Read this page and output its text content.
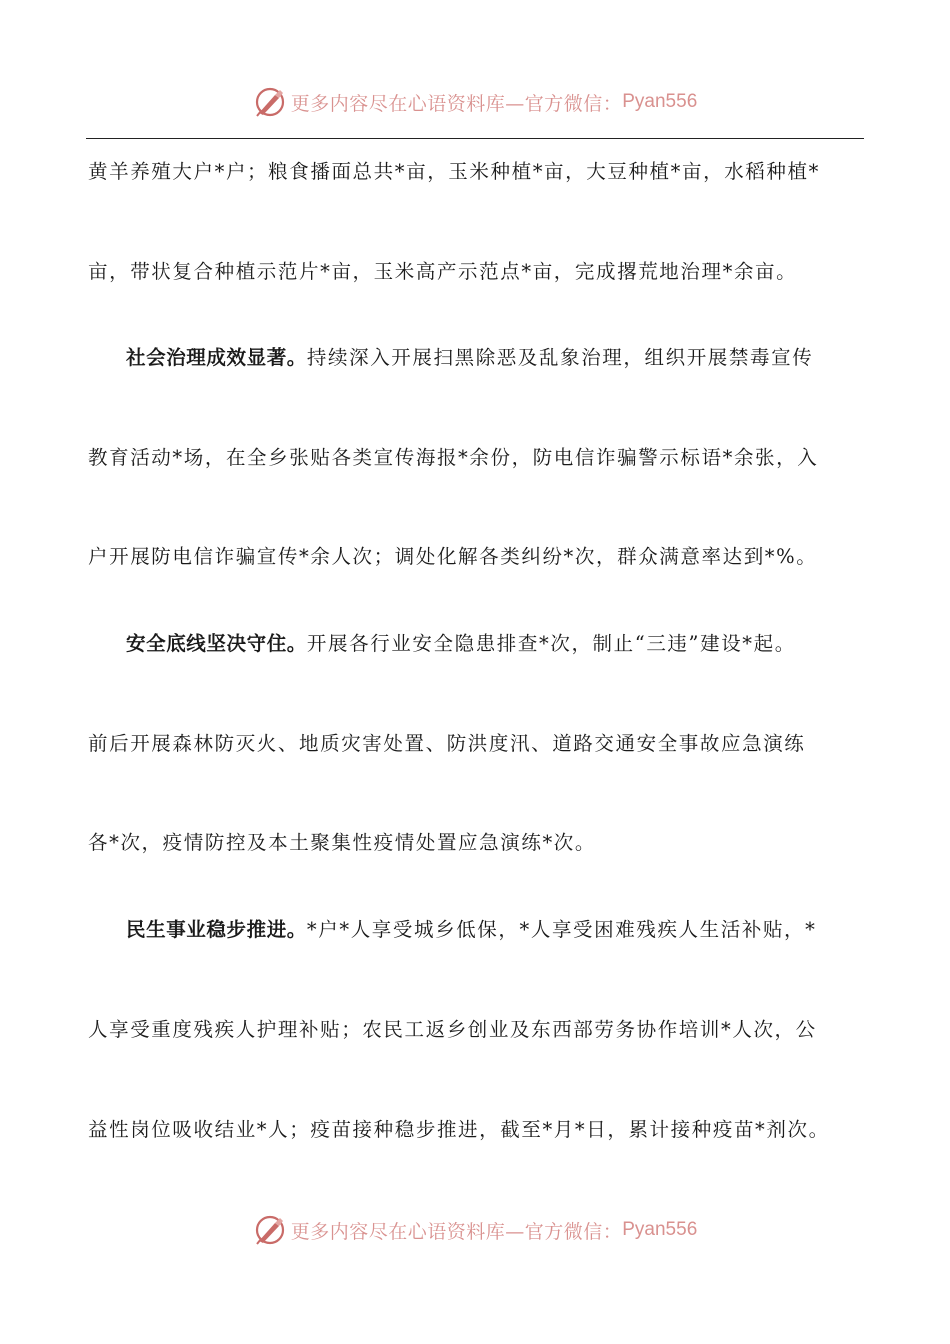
更多内容尽在心语资料库—官方微信： Pyan556
黄羊养殖大户*户；粮食播面总共*亩，玉米种植*亩，大豆种植*亩，水稻种植*
亩，带状复合种植示范片*亩，玉米高产示范点*亩，完成撂荒地治理*余亩。
社会治理成效显著。持续深入开展扫黑除恶及乱象治理，组织开展禁毒宣传
教育活动*场，在全乡张贴各类宣传海报*余份，防电信诈骗警示标语*余张，入
户开展防电信诈骗宣传*余人次；调处化解各类纠纷*次，群众满意率达到*%。
安全底线坚决守住。开展各行业安全隐患排查*次，制止“三违”建设*起。
前后开展森林防灭火、地质灾害处置、防洪度汛、道路交通安全事故应急演练
各*次，疫情防控及本土聚集性疫情处置应急演练*次。
民生事业稳步推进。*户*人享受城乡低保，*人享受困难残疾人生活补贴，*
人享受重度残疾人护理补贴；农民工返乡创业及东西部劳务协作培训*人次，公
益性岗位吸收结业*人；疫苗接种稳步推进，截至*月*日，累计接种疫苗*剂次。
更多内容尽在心语资料库—官方微信： Pyan556
